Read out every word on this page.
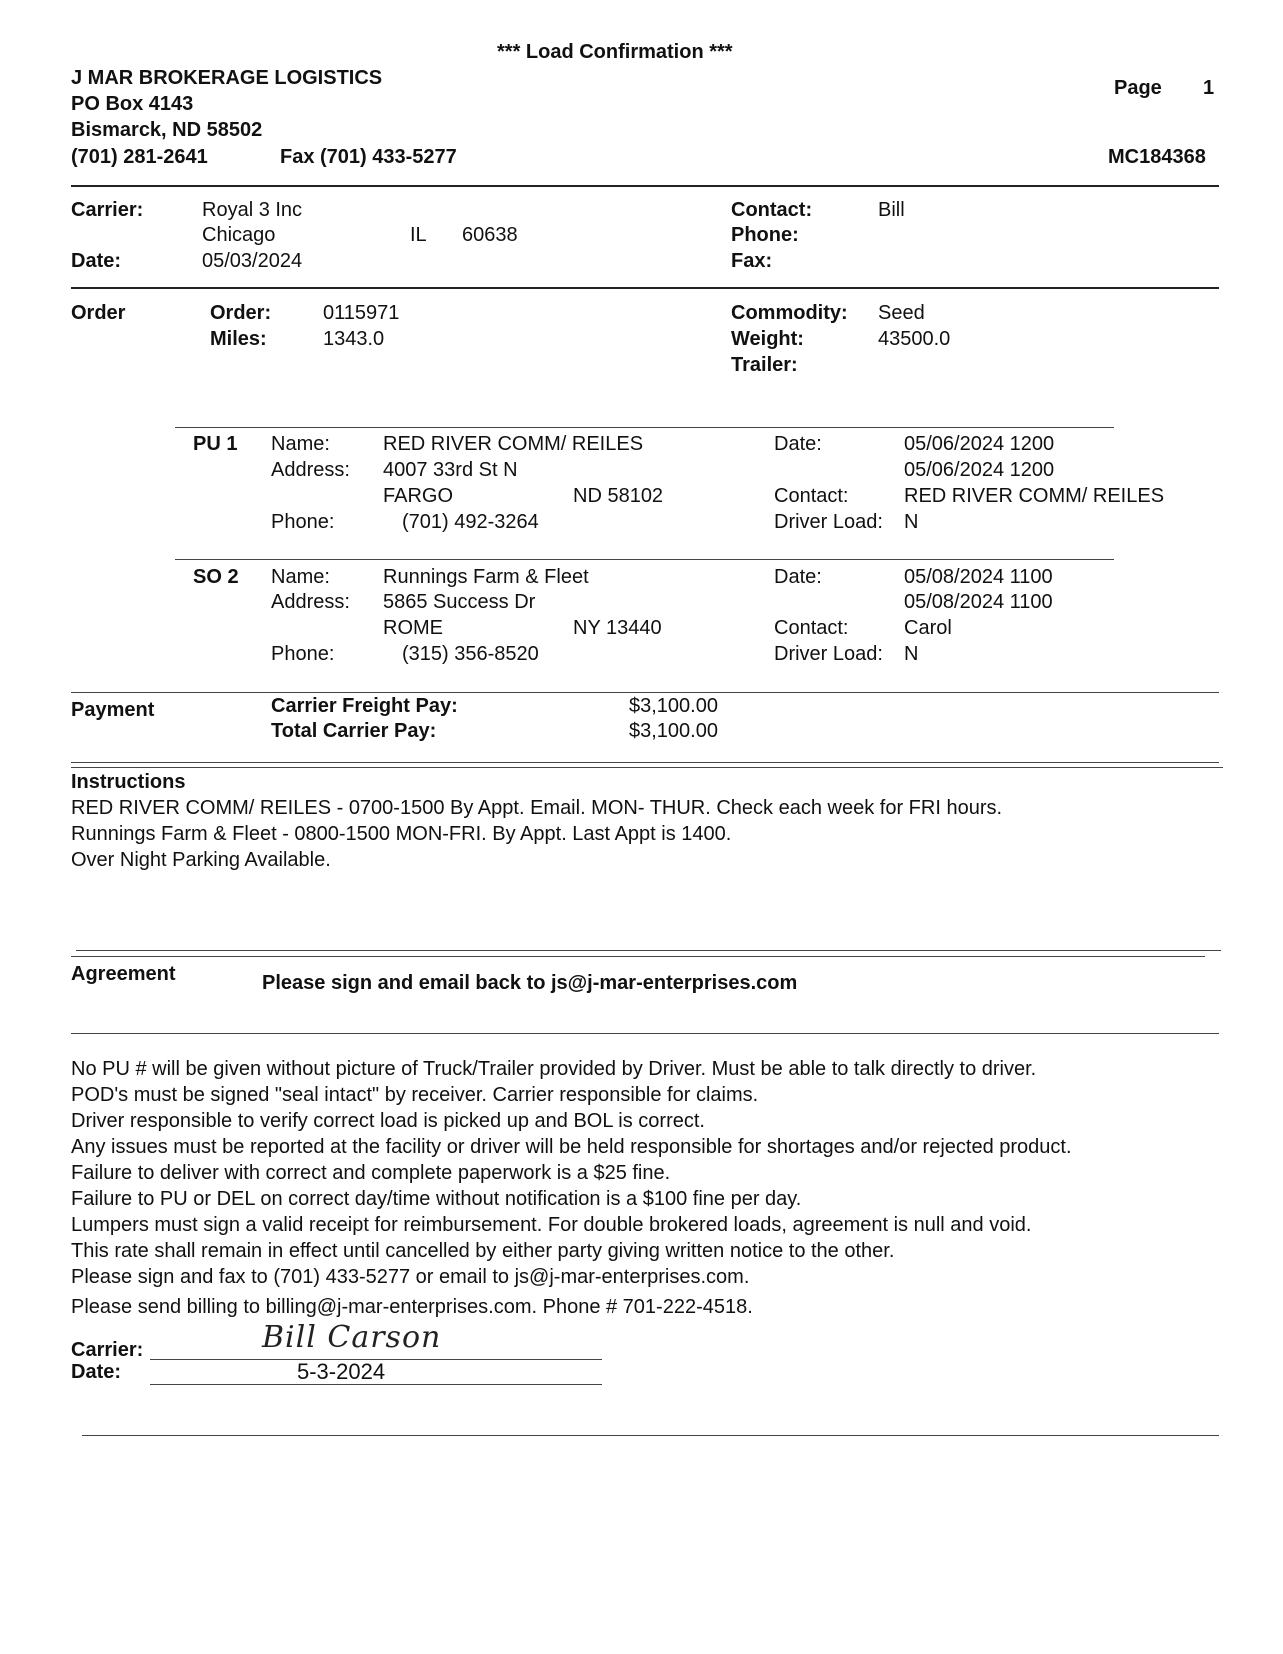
*** Load Confirmation ***
J MAR BROKERAGE LOGISTICS
PO Box 4143
Bismarck, ND 58502
(701) 281-2641	Fax (701) 433-5277
Page 1
MC184368
Carrier:	Royal 3 Inc
Chicago	IL 60638
Date:	05/03/2024
Contact:	Bill
Phone:
Fax:
Order	Order:	0115971
Miles:	1343.0
Commodity: Seed
Weight:	43500.0
Trailer:
PU 1 Name:	RED RIVER COMM/ REILES
Address: 4007 33rd St N
FARGO	ND 58102
Phone:	(701) 492-3264
Date:	05/06/2024 1200
05/06/2024 1200
Contact:	RED RIVER COMM/ REILES
Driver Load: N
SO 2 Name:	Runnings Farm & Fleet
Address: 5865 Success Dr
ROME	NY 13440
Phone:	(315) 356-8520
Date:	05/08/2024 1100
05/08/2024 1100
Contact:	Carol
Driver Load: N
Payment	Carrier Freight Pay:	$3,100.00
Total Carrier Pay:	$3,100.00
Instructions
RED RIVER COMM/ REILES - 0700-1500 By Appt. Email. MON- THUR. Check each week for FRI hours.
Runnings Farm & Fleet - 0800-1500 MON-FRI. By Appt. Last Appt is 1400.
Over Night Parking Available.
Agreement	Please sign and email back to js@j-mar-enterprises.com
No PU # will be given without picture of Truck/Trailer provided by Driver. Must be able to talk directly to driver.
POD's must be signed "seal intact" by receiver. Carrier responsible for claims.
Driver responsible to verify correct load is picked up and BOL is correct.
Any issues must be reported at the facility or driver will be held responsible for shortages and/or rejected product.
Failure to deliver with correct and complete paperwork is a $25 fine.
Failure to PU or DEL on correct day/time without notification is a $100 fine per day.
Lumpers must sign a valid receipt for reimbursement. For double brokered loads, agreement is null and void.
This rate shall remain in effect until cancelled by either party giving written notice to the other.
Please sign and fax to (701) 433-5277 or email to js@j-mar-enterprises.com.
Please send billing to billing@j-mar-enterprises.com. Phone # 701-222-4518.
Carrier:	Bill Carson
Date:	5-3-2024
